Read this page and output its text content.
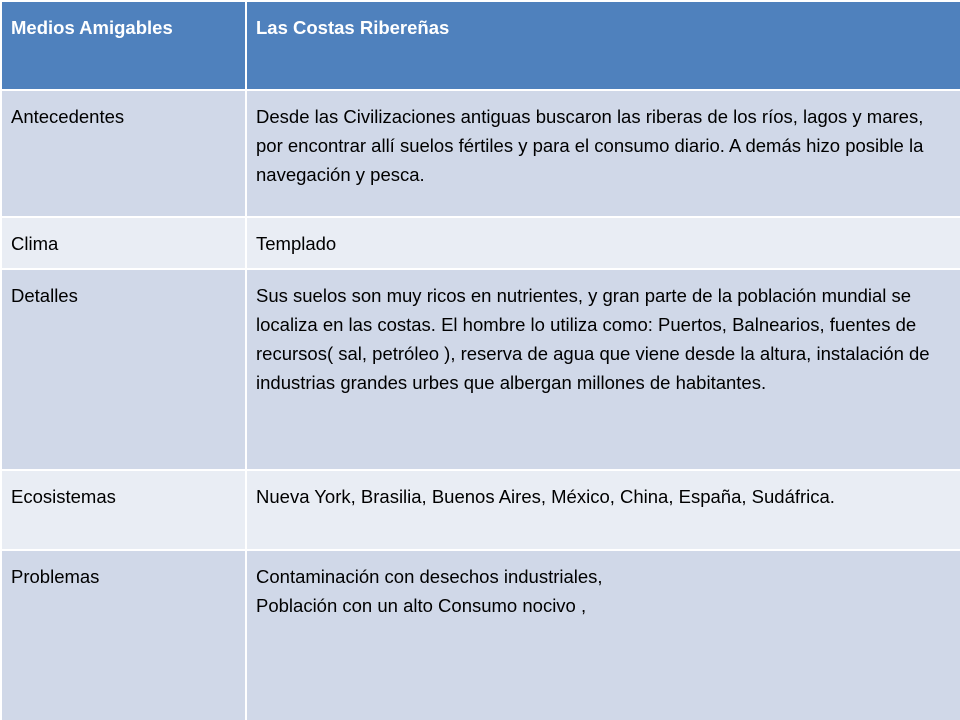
Medios Amigables	Las Costas Ribereñas
Antecedentes	Desde las Civilizaciones antiguas buscaron las riberas de los ríos, lagos y mares, por encontrar allí suelos fértiles y para el consumo diario. A demás hizo posible la navegación y pesca.
Clima	Templado
Detalles	Sus suelos son muy ricos en nutrientes, y gran parte de la población mundial se localiza en las costas. El hombre lo utiliza como: Puertos, Balnearios, fuentes de recursos( sal, petróleo ), reserva de agua que viene desde la altura, instalación de industrias grandes urbes que albergan millones de habitantes.
Ecosistemas	Nueva York, Brasilia, Buenos Aires, México, China, España, Sudáfrica.
Problemas	Contaminación con desechos industriales,
Población con un alto Consumo nocivo ,
